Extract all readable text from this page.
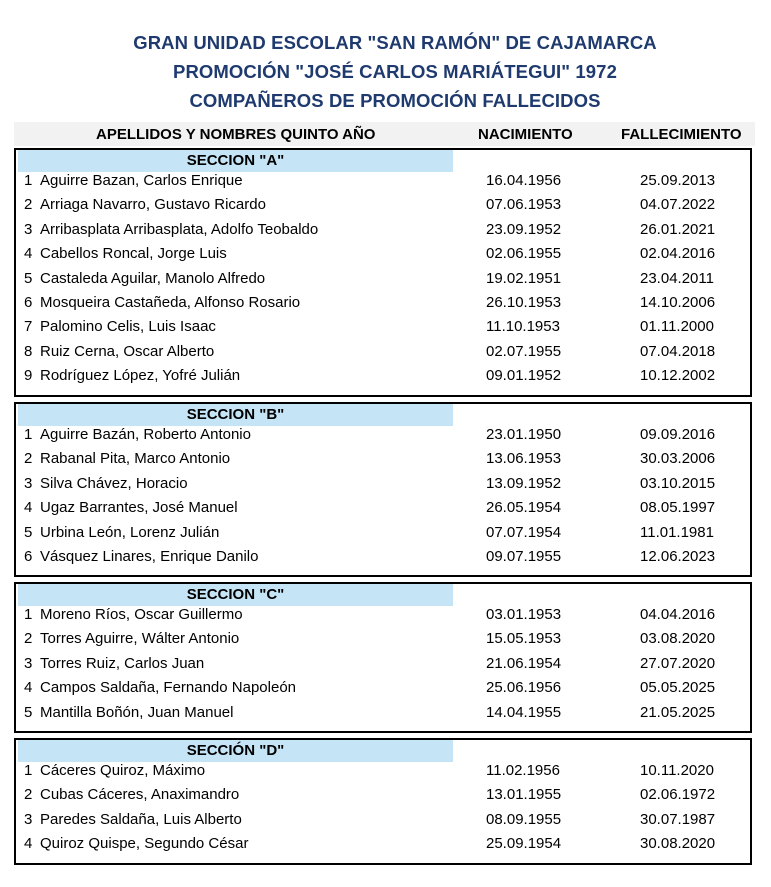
GRAN UNIDAD ESCOLAR "SAN RAMÓN" DE CAJAMARCA
PROMOCIÓN "JOSÉ CARLOS MARIÁTEGUI" 1972
COMPAÑEROS DE PROMOCIÓN FALLECIDOS
APELLIDOS Y NOMBRES QUINTO AÑO	NACIMIENTO	FALLECIMIENTO
SECCION "A"
1 Aguirre Bazan, Carlos Enrique	16.04.1956	25.09.2013
2 Arriaga Navarro, Gustavo Ricardo	07.06.1953	04.07.2022
3 Arribasplata Arribasplata, Adolfo Teobaldo	23.09.1952	26.01.2021
4 Cabellos Roncal, Jorge Luis	02.06.1955	02.04.2016
5 Castaleda Aguilar, Manolo Alfredo	19.02.1951	23.04.2011
6 Mosqueira Castañeda, Alfonso Rosario	26.10.1953	14.10.2006
7 Palomino Celis, Luis Isaac	11.10.1953	01.11.2000
8 Ruiz Cerna, Oscar Alberto	02.07.1955	07.04.2018
9 Rodríguez López, Yofré Julián	09.01.1952	10.12.2002
SECCION "B"
1 Aguirre Bazán, Roberto Antonio	23.01.1950	09.09.2016
2 Rabanal Pita, Marco Antonio	13.06.1953	30.03.2006
3 Silva Chávez, Horacio	13.09.1952	03.10.2015
4 Ugaz Barrantes, José Manuel	26.05.1954	08.05.1997
5 Urbina León, Lorenz Julián	07.07.1954	11.01.1981
6 Vásquez Linares, Enrique Danilo	09.07.1955	12.06.2023
SECCION "C"
1 Moreno Ríos, Oscar Guillermo	03.01.1953	04.04.2016
2 Torres Aguirre, Wálter Antonio	15.05.1953	03.08.2020
3 Torres Ruiz, Carlos Juan	21.06.1954	27.07.2020
4 Campos Saldaña, Fernando Napoleón	25.06.1956	05.05.2025
5 Mantilla Boñón, Juan Manuel	14.04.1955	21.05.2025
SECCIÓN "D"
1 Cáceres Quiroz, Máximo	11.02.1956	10.11.2020
2 Cubas Cáceres, Anaximandro	13.01.1955	02.06.1972
3 Paredes Saldaña, Luis Alberto	08.09.1955	30.07.1987
4 Quiroz Quispe, Segundo César	25.09.1954	30.08.2020
